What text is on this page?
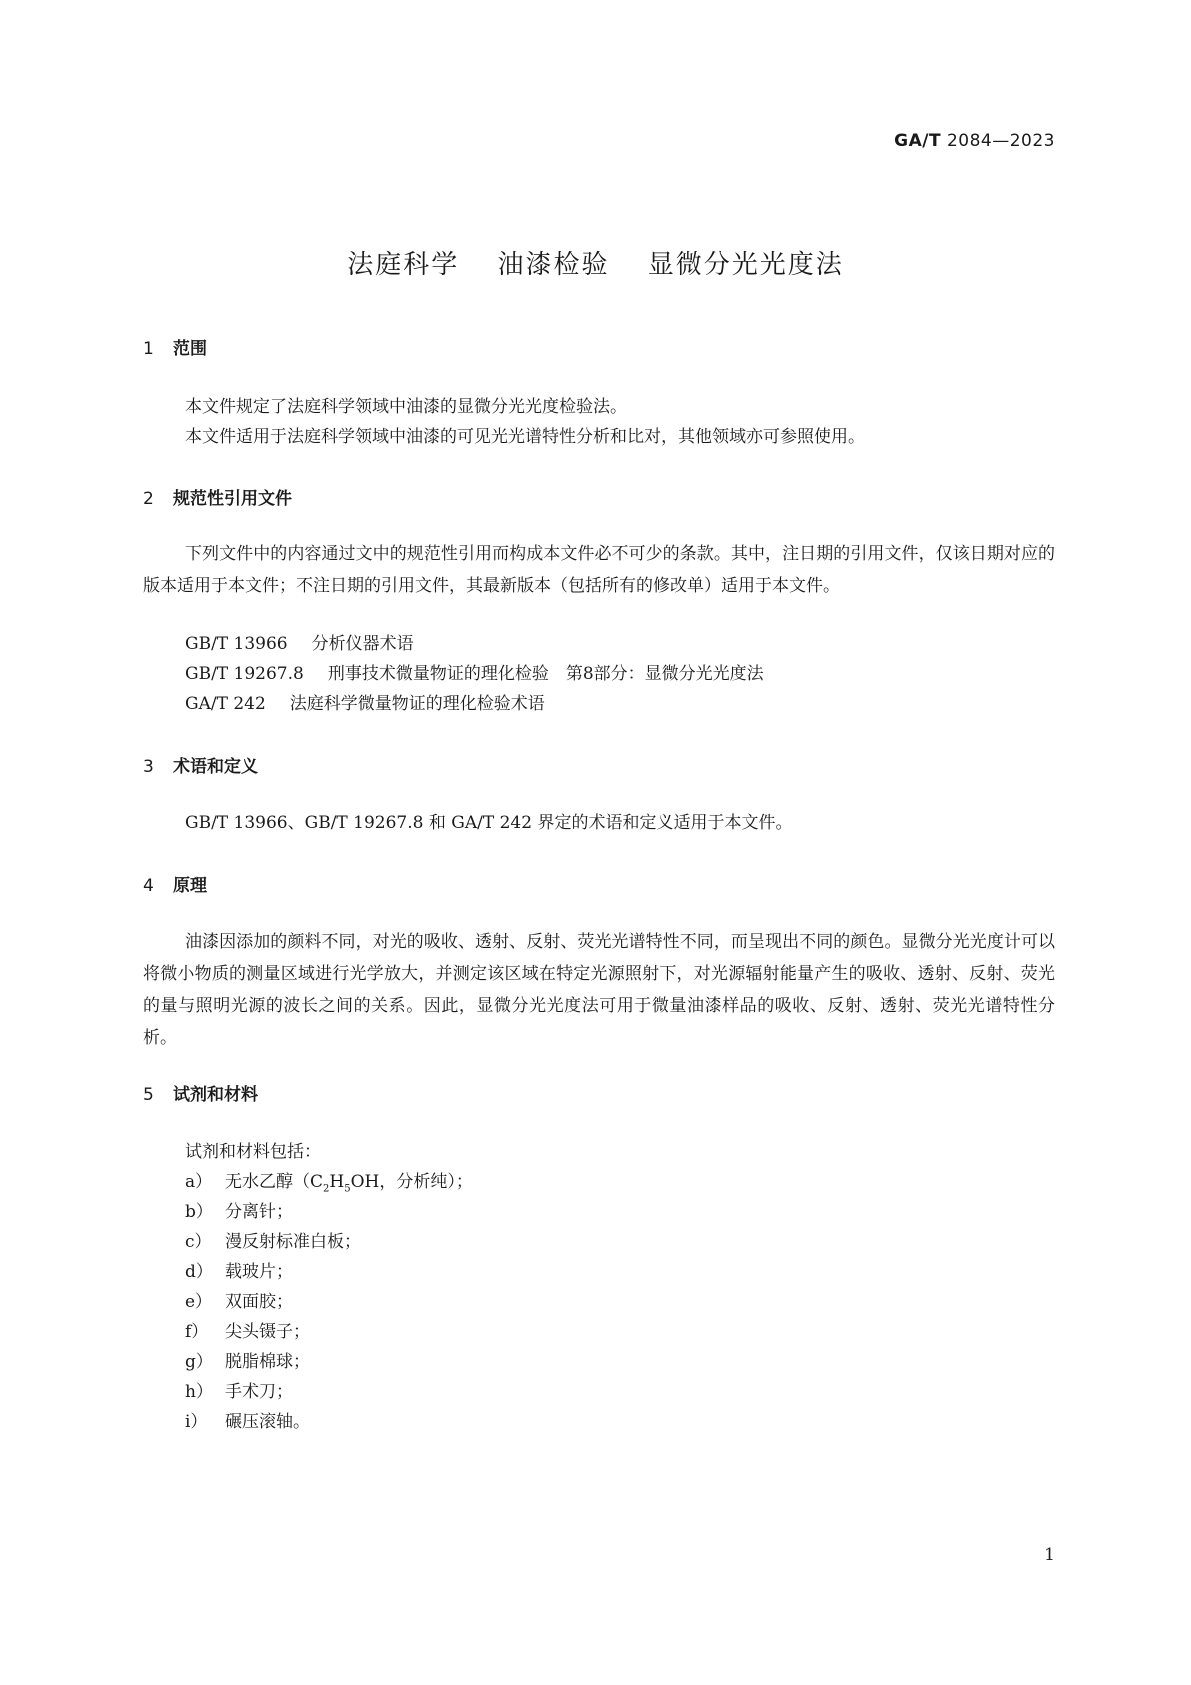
GA/T 2084—2023
法庭科学 油漆检验 显微分光光度法
1 范围
本文件规定了法庭科学领域中油漆的显微分光光度检验法。
本文件适用于法庭科学领域中油漆的可见光光谱特性分析和比对，其他领域亦可参照使用。
2 规范性引用文件
下列文件中的内容通过文中的规范性引用而构成本文件必不可少的条款。其中，注日期的引用文件，仅该日期对应的版本适用于本文件；不注日期的引用文件，其最新版本（包括所有的修改单）适用于本文件。
GB/T 13966 分析仪器术语
GB/T 19267.8 刑事技术微量物证的理化检验　第8部分：显微分光光度法
GA/T 242 法庭科学微量物证的理化检验术语
3 术语和定义
GB/T 13966、GB/T 19267.8 和 GA/T 242 界定的术语和定义适用于本文件。
4 原理
油漆因添加的颜料不同，对光的吸收、透射、反射、荧光光谱特性不同，而呈现出不同的颜色。显微分光光度计可以将微小物质的测量区域进行光学放大，并测定该区域在特定光源照射下，对光源辐射能量产生的吸收、透射、反射、荧光的量与照明光源的波长之间的关系。因此，显微分光光度法可用于微量油漆样品的吸收、反射、透射、荧光光谱特性分析。
5 试剂和材料
试剂和材料包括：
a） 无水乙醇（$C_2H_5OH$，分析纯）；
b） 分离针；
c） 漫反射标准白板；
d） 载玻片；
e） 双面胶；
f） 尖头镊子；
g） 脱脂棉球；
h） 手术刀；
i） 碾压滚轴。
1
